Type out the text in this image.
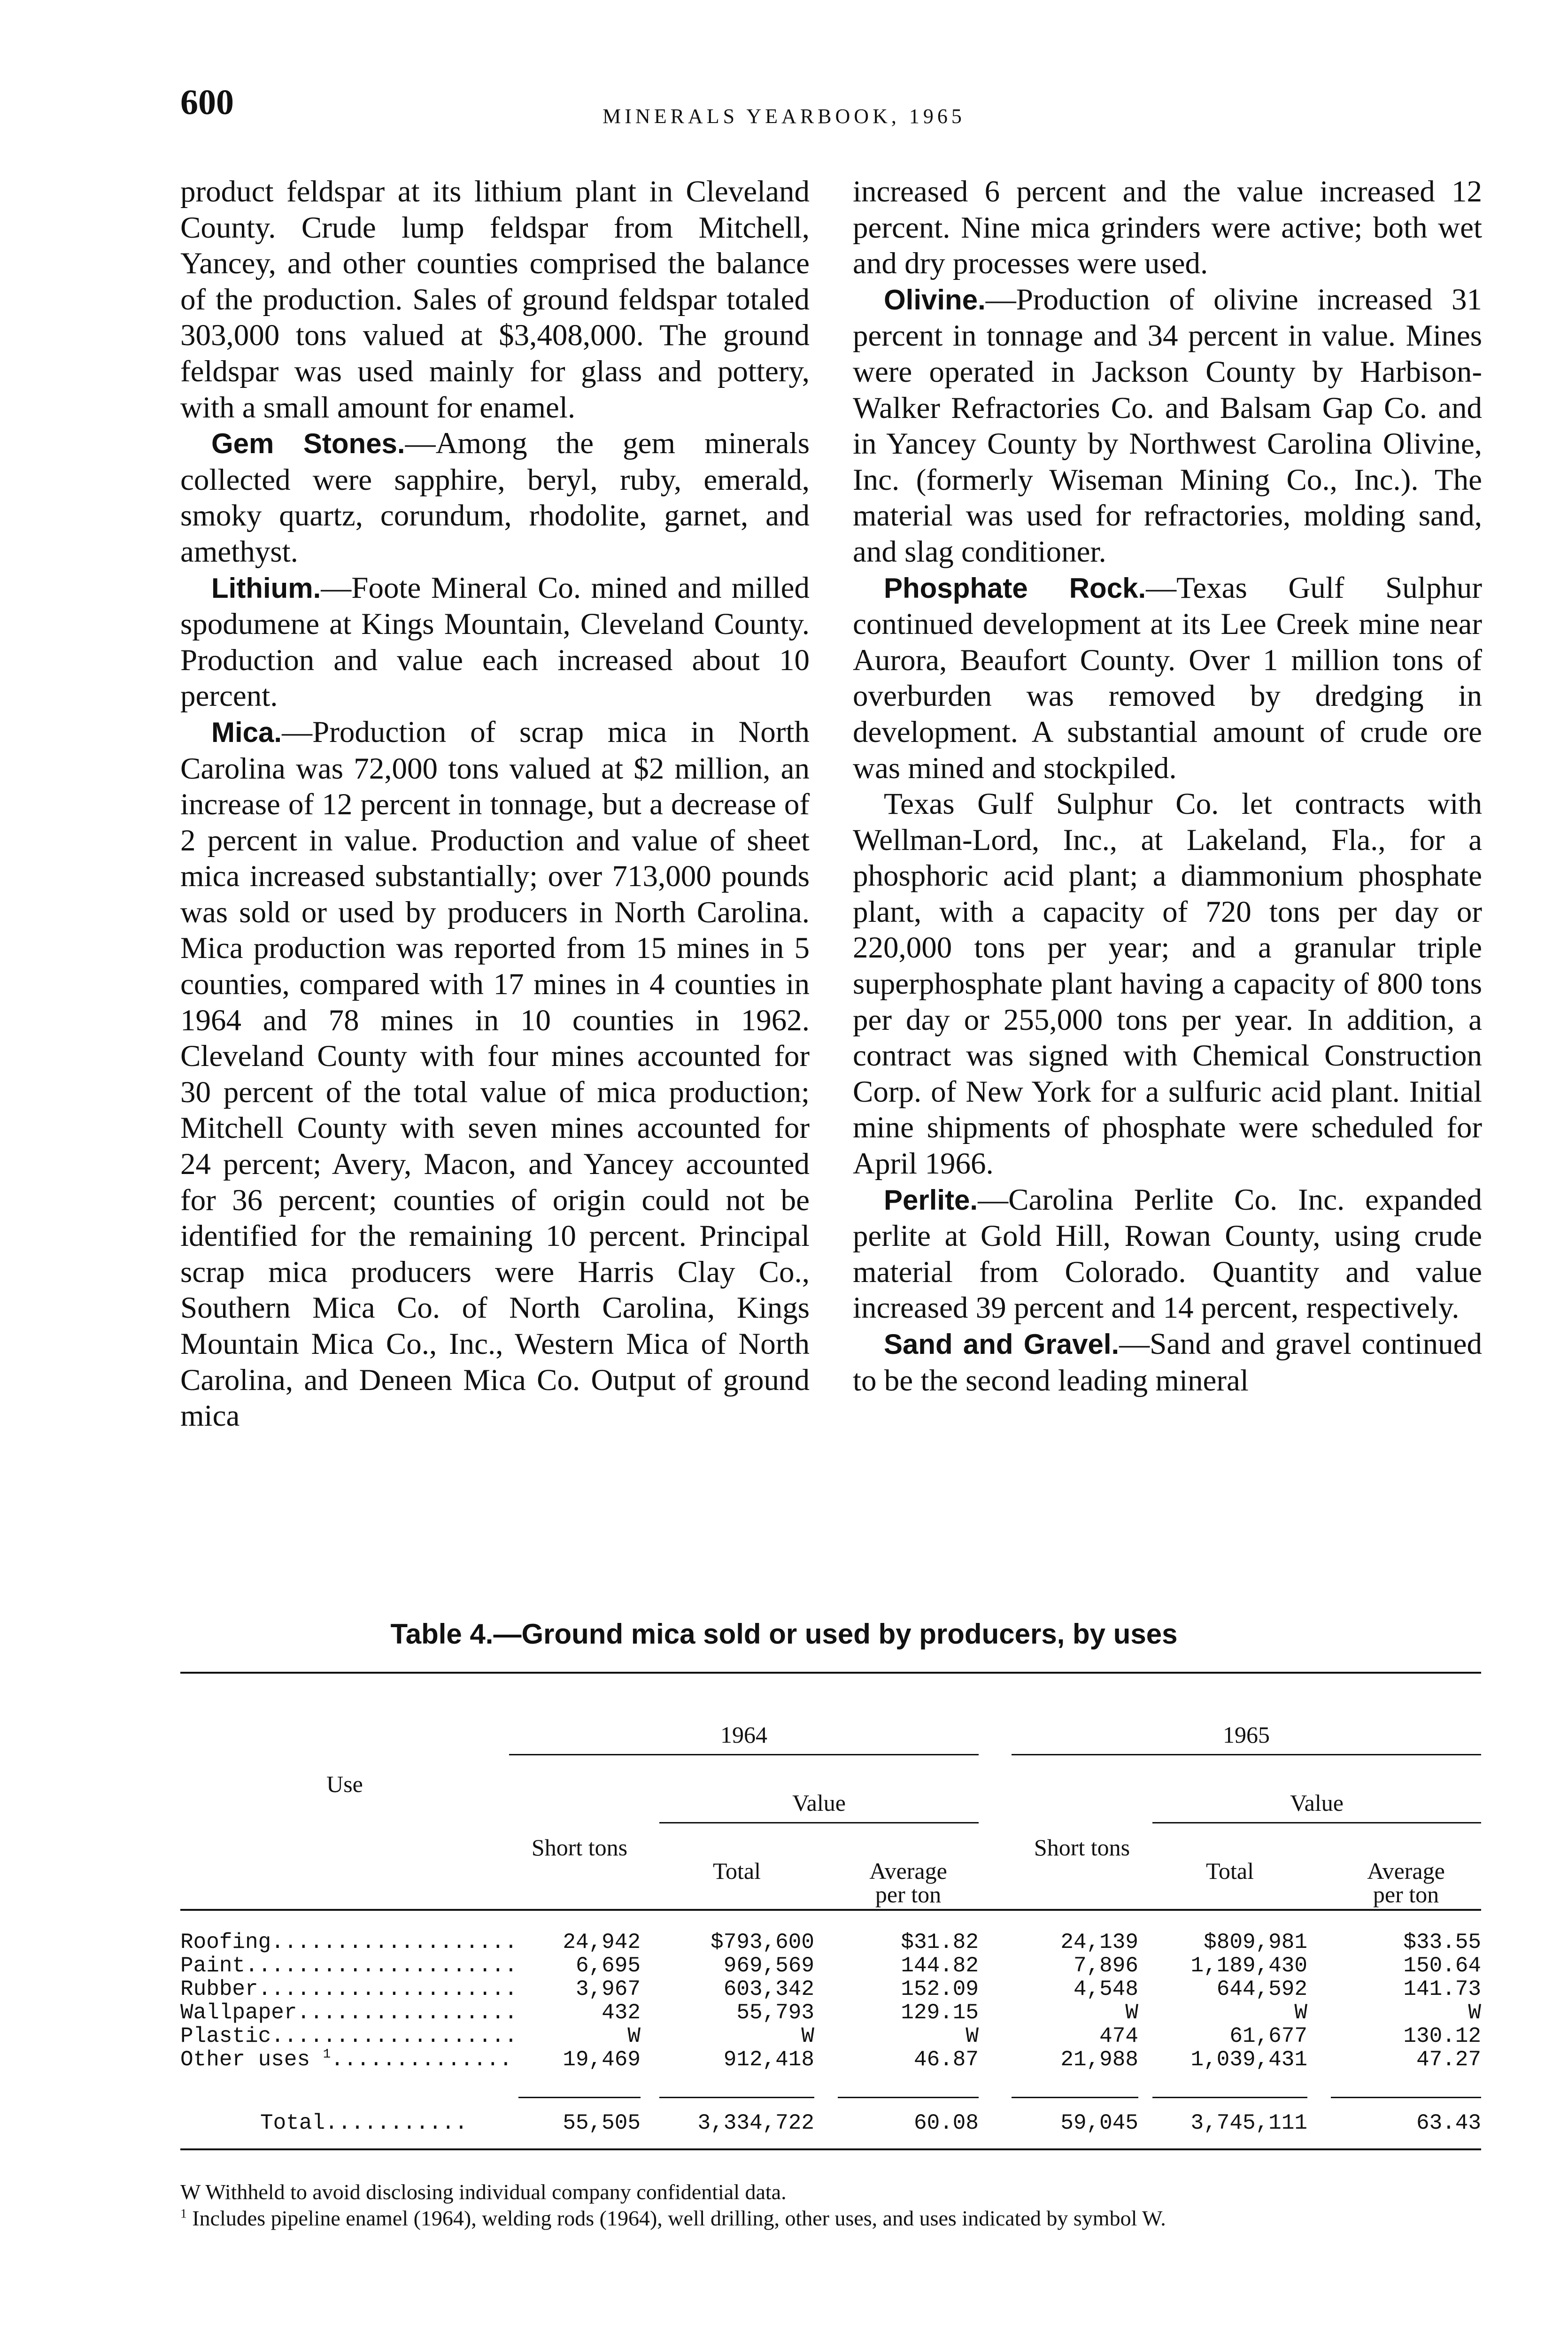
600	MINERALS YEARBOOK, 1965

product feldspar at its lithium plant in Cleveland County. Crude lump feldspar from Mitchell, Yancey, and other counties comprised the balance of the production. Sales of ground feldspar totaled 303,000 tons valued at $3,408,000. The ground feldspar was used mainly for glass and pottery, with a small amount for enamel.

Gem Stones.—Among the gem minerals collected were sapphire, beryl, ruby, emerald, smoky quartz, corundum, rhodolite, garnet, and amethyst.

Lithium.—Foote Mineral Co. mined and milled spodumene at Kings Mountain, Cleveland County. Production and value each increased about 10 percent.

Mica.—Production of scrap mica in North Carolina was 72,000 tons valued at $2 million, an increase of 12 percent in tonnage, but a decrease of 2 percent in value. Production and value of sheet mica increased substantially; over 713,000 pounds was sold or used by producers in North Carolina. Mica production was reported from 15 mines in 5 counties, compared with 17 mines in 4 counties in 1964 and 78 mines in 10 counties in 1962. Cleveland County with four mines accounted for 30 percent of the total value of mica production; Mitchell County with seven mines accounted for 24 percent; Avery, Macon, and Yancey accounted for 36 percent; counties of origin could not be identified for the remaining 10 percent. Principal scrap mica producers were Harris Clay Co., Southern Mica Co. of North Carolina, Kings Mountain Mica Co., Inc., Western Mica of North Carolina, and Deneen Mica Co. Output of ground mica

increased 6 percent and the value increased 12 percent. Nine mica grinders were active; both wet and dry processes were used.

Olivine.—Production of olivine increased 31 percent in tonnage and 34 percent in value. Mines were operated in Jackson County by Harbison-Walker Refractories Co. and Balsam Gap Co. and in Yancey County by Northwest Carolina Olivine, Inc. (formerly Wiseman Mining Co., Inc.). The material was used for refractories, molding sand, and slag conditioner.

Phosphate Rock.—Texas Gulf Sulphur continued development at its Lee Creek mine near Aurora, Beaufort County. Over 1 million tons of overburden was removed by dredging in development. A substantial amount of crude ore was mined and stockpiled.

Texas Gulf Sulphur Co. let contracts with Wellman-Lord, Inc., at Lakeland, Fla., for a phosphoric acid plant; a diammonium phosphate plant, with a capacity of 720 tons per day or 220,000 tons per year; and a granular triple superphosphate plant having a capacity of 800 tons per day or 255,000 tons per year. In addition, a contract was signed with Chemical Construction Corp. of New York for a sulfuric acid plant. Initial mine shipments of phosphate were scheduled for April 1966.

Perlite.—Carolina Perlite Co. Inc. expanded perlite at Gold Hill, Rowan County, using crude material from Colorado. Quantity and value increased 39 percent and 14 percent, respectively.

Sand and Gravel.—Sand and gravel continued to be the second leading mineral

Table 4.—Ground mica sold or used by producers, by uses
Use
1964	1965
Value	Value
Short tons
Total	Average
per ton
Short tons
Total	Average
per ton
Roofing...................	24,942	$793,600	$31.82	24,139	$809,981	$33.55
Paint.....................	6,695	969,569	144.82	7,896	1,189,430	150.64
Rubber....................	3,967	603,342	152.09	4,548	644,592	141.73
Wallpaper.................	432	55,793	129.15	W	W	W
Plastic...................	W	W	W	474	61,677	130.12
Other uses $^1$..............	19,469	912,418	46.87	21,988	1,039,431	47.27
Total...........	55,505	3,334,722	60.08	59,045	3,745,111	63.43

W Withheld to avoid disclosing individual company confidential data.

$^1$ Includes pipeline enamel (1964), welding rods (1964), well drilling, other uses, and uses indicated by symbol W.
